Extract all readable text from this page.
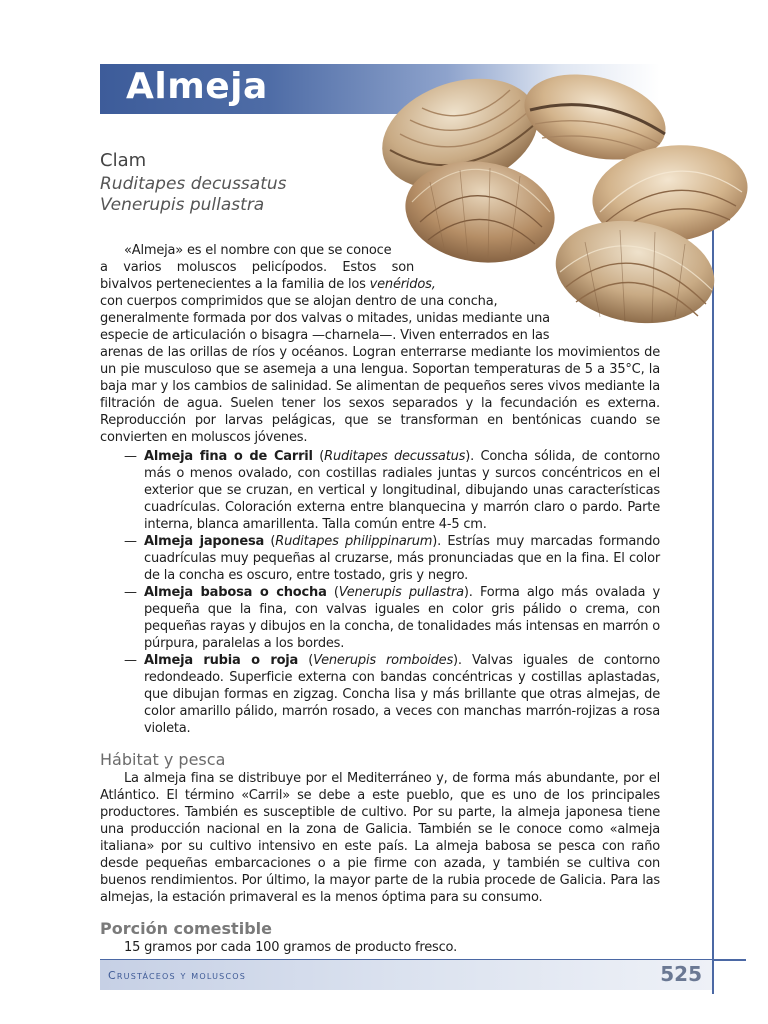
Almeja
Clam
Ruditapes decussatus
Venerupis pullastra
«Almeja» es el nombre con que se conoce
a varios moluscos pelicípodos. Estos son
bivalvos pertenecientes a la familia de los venéridos,
con cuerpos comprimidos que se alojan dentro de una concha,
generalmente formada por dos valvas o mitades, unidas mediante una
especie de articulación o bisagra —charnela—. Viven enterrados en las
arenas de las orillas de ríos y océanos. Logran enterrarse mediante los movimientos de un pie musculoso que se asemeja a una lengua. Soportan temperaturas de 5 a 35°C, la baja mar y los cambios de salinidad. Se alimentan de pequeños seres vivos mediante la filtración de agua. Suelen tener los sexos separados y la fecundación es externa. Reproducción por larvas pelágicas, que se transforman en bentónicas cuando se convierten en moluscos jóvenes.
— Almeja fina o de Carril (Ruditapes decussatus). Concha sólida, de contorno más o menos ovalado, con costillas radiales juntas y surcos concéntricos en el exterior que se cruzan, en vertical y longitudinal, dibujando unas características cuadrículas. Coloración externa entre blanquecina y marrón claro o pardo. Parte interna, blanca amarillenta. Talla común entre 4-5 cm.
— Almeja japonesa (Ruditapes philippinarum). Estrías muy marcadas formando cuadrículas muy pequeñas al cruzarse, más pronunciadas que en la fina. El color de la concha es oscuro, entre tostado, gris y negro.
— Almeja babosa o chocha (Venerupis pullastra). Forma algo más ovalada y pequeña que la fina, con valvas iguales en color gris pálido o crema, con pequeñas rayas y dibujos en la concha, de tonalidades más intensas en marrón o púrpura, paralelas a los bordes.
— Almeja rubia o roja (Venerupis romboides). Valvas iguales de contorno redondeado. Superficie externa con bandas concéntricas y costillas aplastadas, que dibujan formas en zigzag. Concha lisa y más brillante que otras almejas, de color amarillo pálido, marrón rosado, a veces con manchas marrón-rojizas a rosa violeta.
Hábitat y pesca

La almeja fina se distribuye por el Mediterráneo y, de forma más abundante, por el Atlántico. El término «Carril» se debe a este pueblo, que es uno de los principales productores. También es susceptible de cultivo. Por su parte, la almeja japonesa tiene una producción nacional en la zona de Galicia. También se le conoce como «almeja italiana» por su cultivo intensivo en este país. La almeja babosa se pesca con raño desde pequeñas embarcaciones o a pie firme con azada, y también se cultiva con buenos rendimientos. Por último, la mayor parte de la rubia procede de Galicia. Para las almejas, la estación primaveral es la menos óptima para su consumo.

Porción comestible

15 gramos por cada 100 gramos de producto fresco.

Crustáceos y moluscos	525
